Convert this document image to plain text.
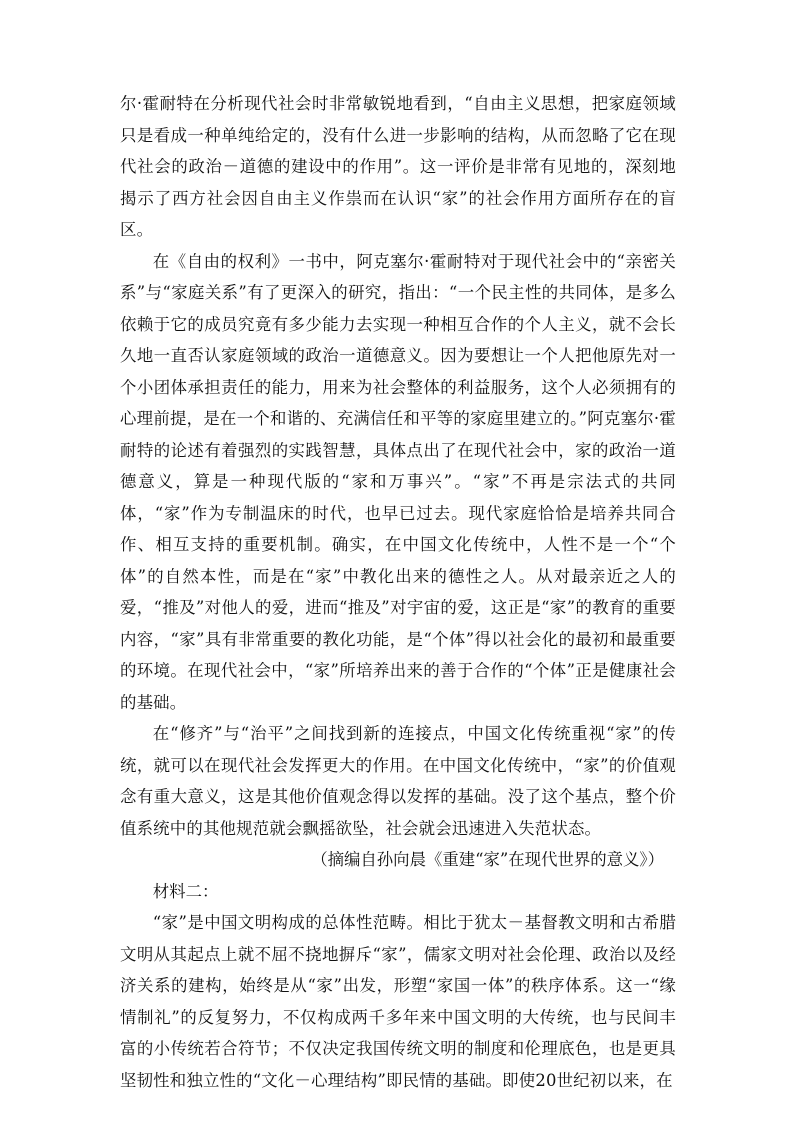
尔·霍耐特在分析现代社会时非常敏锐地看到，“自由主义思想，把家庭领域只是看成一种单纯给定的，没有什么进一步影响的结构，从而忽略了它在现代社会的政治－道德的建设中的作用”。这一评价是非常有见地的，深刻地揭示了西方社会因自由主义作祟而在认识“家”的社会作用方面所存在的盲区。

在《自由的权利》一书中，阿克塞尔·霍耐特对于现代社会中的“亲密关系”与“家庭关系”有了更深入的研究，指出：“一个民主性的共同体，是多么依赖于它的成员究竟有多少能力去实现一种相互合作的个人主义，就不会长久地一直否认家庭领域的政治一道德意义。因为要想让一个人把他原先对一个小团体承担责任的能力，用来为社会整体的利益服务，这个人必须拥有的心理前提，是在一个和谐的、充满信任和平等的家庭里建立的。”阿克塞尔·霍耐特的论述有着强烈的实践智慧，具体点出了在现代社会中，家的政治一道德意义，算是一种现代版的“家和万事兴”。“家”不再是宗法式的共同体，“家”作为专制温床的时代，也早已过去。现代家庭恰恰是培养共同合作、相互支持的重要机制。确实，在中国文化传统中，人性不是一个“个体”的自然本性，而是在“家”中教化出来的德性之人。从对最亲近之人的爱，“推及”对他人的爱，进而“推及”对宇宙的爱，这正是“家”的教育的重要内容，“家”具有非常重要的教化功能，是“个体”得以社会化的最初和最重要的环境。在现代社会中，“家”所培养出来的善于合作的“个体”正是健康社会的基础。

在“修齐”与“治平”之间找到新的连接点，中国文化传统重视“家”的传统，就可以在现代社会发挥更大的作用。在中国文化传统中，“家”的价值观念有重大意义，这是其他价值观念得以发挥的基础。没了这个基点，整个价值系统中的其他规范就会飘摇欲坠，社会就会迅速进入失范状态。

（摘编自孙向晨《重建“家”在现代世界的意义》）

材料二：

“家”是中国文明构成的总体性范畴。相比于犹太－基督教文明和古希腊文明从其起点上就不屈不挠地摒斥“家”，儒家文明对社会伦理、政治以及经济关系的建构，始终是从“家”出发，形塑“家国一体”的秩序体系。这一“缘情制礼”的反复努力，不仅构成两千多年来中国文明的大传统，也与民间丰富的小传统若合符节；不仅决定我国传统文明的制度和伦理底色，也是更具坚韧性和独立性的“文化－心理结构”即民情的基础。即使20世纪初以来，在
